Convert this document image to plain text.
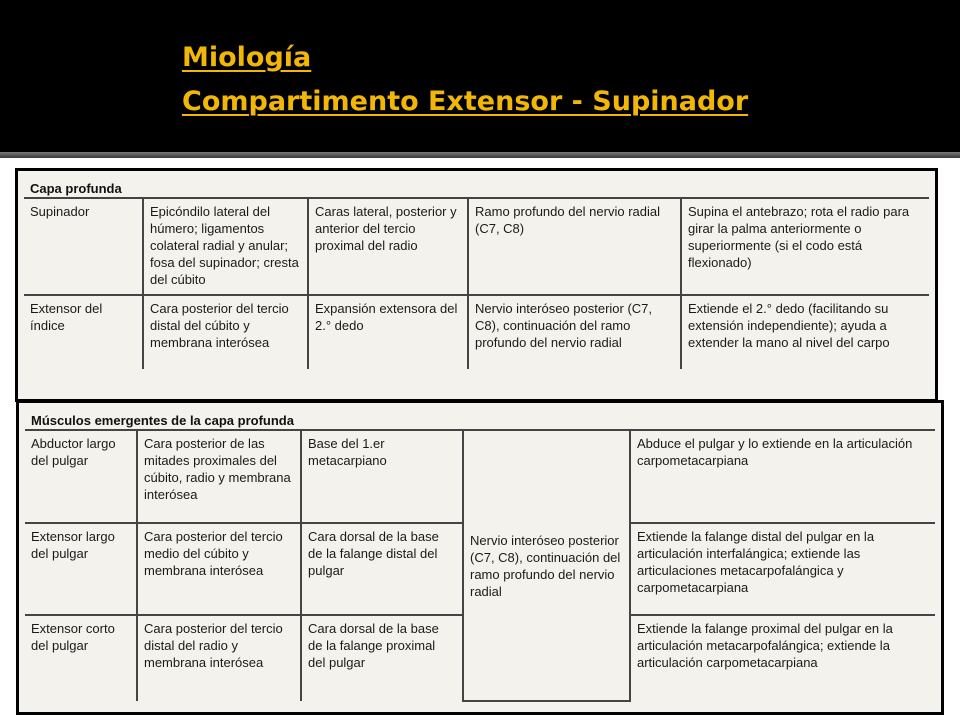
Miología
Compartimento Extensor - Supinador
Capa profunda
Supinador	Epicóndilo lateral del húmero; ligamentos colateral radial y anular; fosa del supinador; cresta del cúbito	Caras lateral, posterior y anterior del tercio proximal del radio	Ramo profundo del nervio radial (C7, C8)	Supina el antebrazo; rota el radio para girar la palma anteriormente o superiormente (si el codo está flexionado)
Extensor del índice	Cara posterior del tercio distal del cúbito y membrana interósea	Expansión extensora del 2.° dedo	Nervio interóseo posterior (C7, C8), continuación del ramo profundo del nervio radial	Extiende el 2.° dedo (facilitando su extensión independiente); ayuda a extender la mano al nivel del carpo
Músculos emergentes de la capa profunda
Abductor largo del pulgar	Cara posterior de las mitades proximales del cúbito, radio y membrana interósea	Base del 1.er metacarpiano	Nervio interóseo posterior (C7, C8), continuación del ramo profundo del nervio radial	Abduce el pulgar y lo extiende en la articulación carpometacarpiana
Extensor largo del pulgar	Cara posterior del tercio medio del cúbito y membrana interósea	Cara dorsal de la base de la falange distal del pulgar		Extiende la falange distal del pulgar en la articulación interfalángica; extiende las articulaciones metacarpofalángica y carpometacarpiana
Extensor corto del pulgar	Cara posterior del tercio distal del radio y membrana interósea	Cara dorsal de la base de la falange proximal del pulgar		Extiende la falange proximal del pulgar en la articulación metacarpofalángica; extiende la articulación carpometacarpiana
